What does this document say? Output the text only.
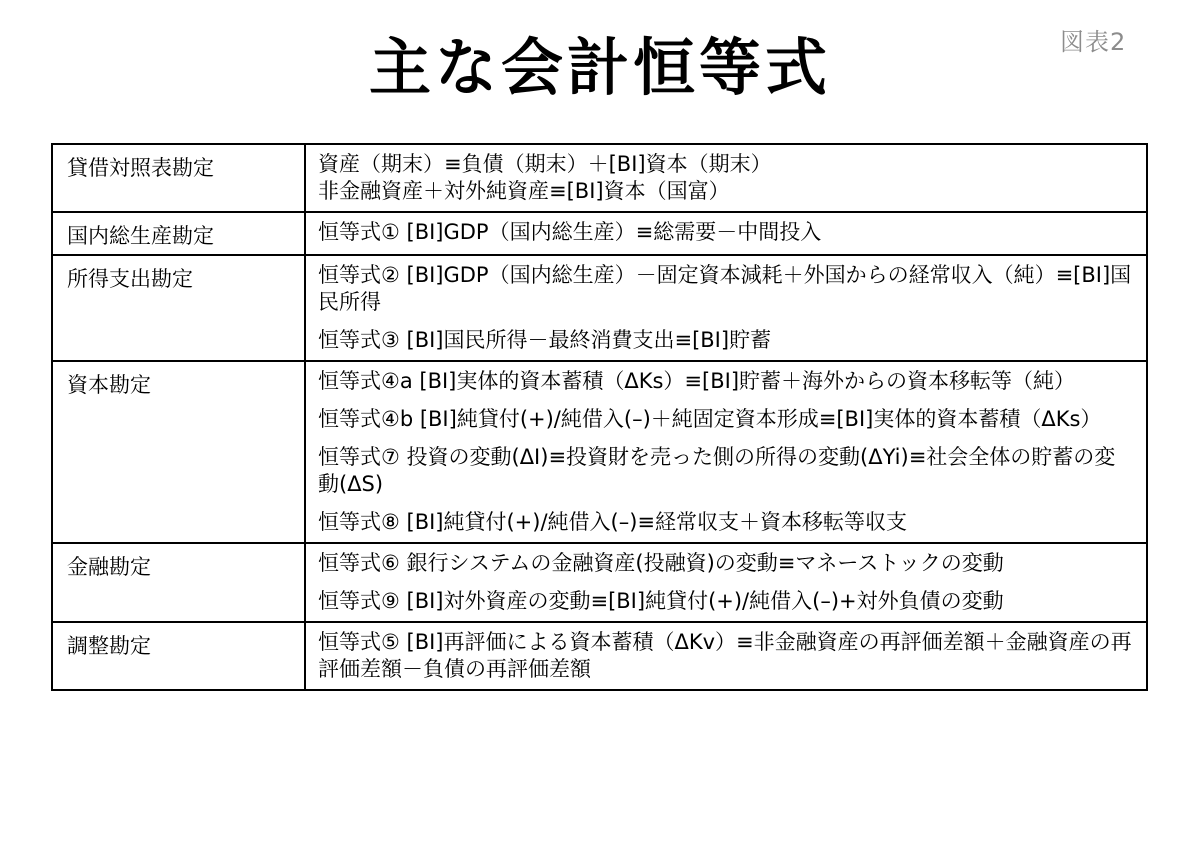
図表2
主な会計恒等式
貸借対照表勘定	資産（期末）≡負債（期末）＋[BI]資本（期末）
非金融資産＋対外純資産≡[BI]資本（国富）

国内総生産勘定	恒等式① [BI]GDP（国内総生産）≡総需要－中間投入

所得支出勘定	恒等式② [BI]GDP（国内総生産）－固定資本減耗＋外国からの経常収入（純）≡[BI]国民所得
恒等式③ [BI]国民所得－最終消費支出≡[BI]貯蓄

資本勘定	恒等式④a [BI]実体的資本蓄積（ΔKs）≡[BI]貯蓄＋海外からの資本移転等（純）
恒等式④b [BI]純貸付(+)/純借入(–)＋純固定資本形成≡[BI]実体的資本蓄積（ΔKs）
恒等式⑦ 投資の変動(ΔI)≡投資財を売った側の所得の変動(ΔYi)≡社会全体の貯蓄の変動(ΔS)
恒等式⑧ [BI]純貸付(+)/純借入(–)≡経常収支＋資本移転等収支

金融勘定	恒等式⑥ 銀行システムの金融資産(投融資)の変動≡マネーストックの変動
恒等式⑨ [BI]対外資産の変動≡[BI]純貸付(+)/純借入(–)+対外負債の変動

調整勘定	恒等式⑤ [BI]再評価による資本蓄積（ΔKv）≡非金融資産の再評価差額＋金融資産の再評価差額－負債の再評価差額
